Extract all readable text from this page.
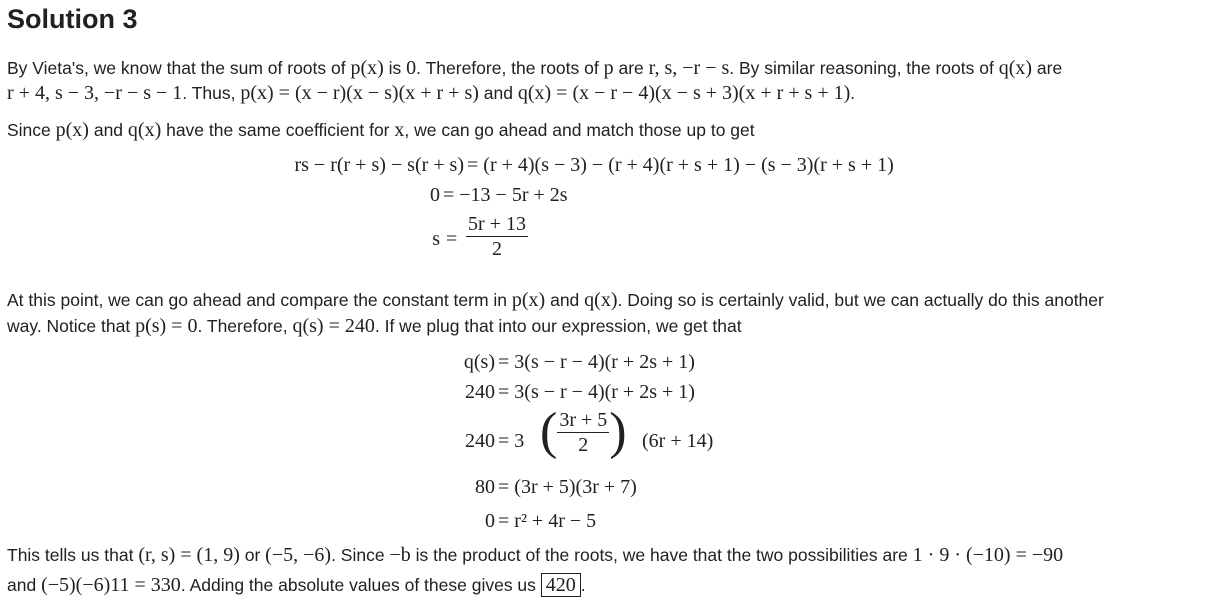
Solution 3
By Vieta's, we know that the sum of roots of p(x) is 0. Therefore, the roots of p are r, s, −r − s. By similar reasoning, the roots of q(x) are
r + 4, s − 3, −r − s − 1. Thus, p(x) = (x − r)(x − s)(x + r + s) and q(x) = (x − r − 4)(x − s + 3)(x + r + s + 1).
Since p(x) and q(x) have the same coefficient for x, we can go ahead and match those up to get
rs − r(r + s) − s(r + s) = (r + 4)(s − 3) − (r + 4)(r + s + 1) − (s − 3)(r + s + 1)
0 = −13 − 5r + 2s
$s = \frac{5r + 13}{2}$
At this point, we can go ahead and compare the constant term in p(x) and q(x). Doing so is certainly valid, but we can actually do this another
way. Notice that p(s) = 0. Therefore, q(s) = 240. If we plug that into our expression, we get that
q(s) = 3(s − r − 4)(r + 2s + 1)
240 = 3(s − r − 4)(r + 2s + 1)
240 = 3 ( $\frac{3r + 5}{2}$ ) (6r + 14)
80 = (3r + 5)(3r + 7)
0 = r² + 4r − 5
This tells us that (r, s) = (1, 9) or (−5, −6). Since −b is the product of the roots, we have that the two possibilities are 1 · 9 · (−10) = −90
and (−5)(−6)11 = 330. Adding the absolute values of these gives us 420 .
